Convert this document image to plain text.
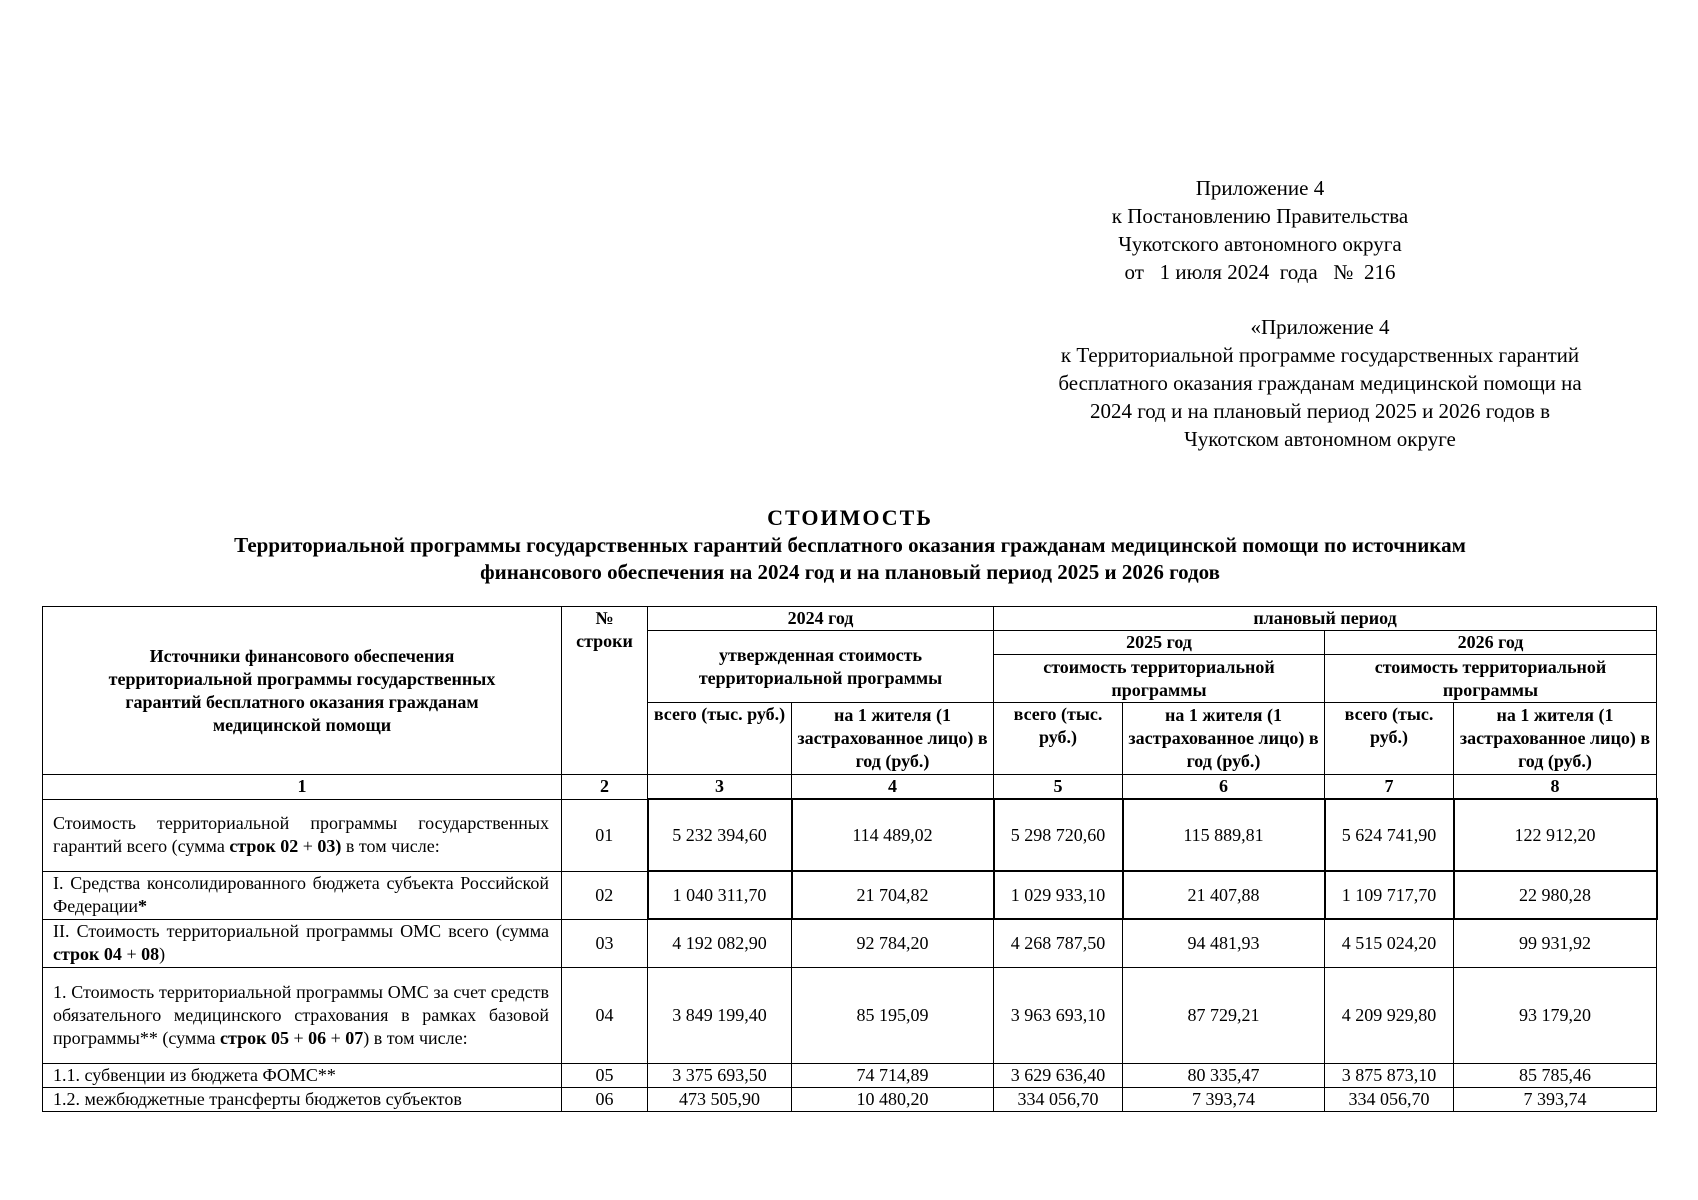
Приложение 4
к Постановлению Правительства
Чукотского автономного округа
от   1 июля 2024  года   №  216
«Приложение 4
к Территориальной программе государственных гарантий
бесплатного оказания гражданам медицинской помощи на
2024 год и на плановый период 2025 и 2026 годов в
Чукотском автономном округе
СТОИМОСТЬ
Территориальной программы государственных гарантий бесплатного оказания гражданам медицинской помощи по источникам
финансового обеспечения на 2024 год и на плановый период 2025 и 2026 годов
Источники финансового обеспечения территориальной программы государственных гарантий бесплатного оказания гражданам медицинской помощи	№ строки	2024 год		плановый период			
		утвержденная стоимость территориальной программы		2025 год		2026 год	
				стоимость территориальной программы		стоимость территориальной программы	
		всего (тыс. руб.)	на 1 жителя (1 застрахованное лицо) в год (руб.)	всего (тыс. руб.)	на 1 жителя (1 застрахованное лицо) в год (руб.)	всего (тыс. руб.)	на 1 жителя (1 застрахованное лицо) в год (руб.)
1	2	3	4	5	6	7	8
Стоимость территориальной программы государственных гарантий всего (сумма строк 02 + 03) в том числе:	01	5 232 394,60	114 489,02	5 298 720,60	115 889,81	5 624 741,90	122 912,20
I. Средства консолидированного бюджета субъекта Российской Федерации*	02	1 040 311,70	21 704,82	1 029 933,10	21 407,88	1 109 717,70	22 980,28
II. Стоимость территориальной программы ОМС всего (сумма строк 04 + 08)	03	4 192 082,90	92 784,20	4 268 787,50	94 481,93	4 515 024,20	99 931,92
1. Стоимость территориальной программы ОМС за счет средств обязательного медицинского страхования в рамках базовой программы** (сумма строк 05 + 06 + 07) в том числе:	04	3 849 199,40	85 195,09	3 963 693,10	87 729,21	4 209 929,80	93 179,20
1.1. субвенции из бюджета ФОМС**	05	3 375 693,50	74 714,89	3 629 636,40	80 335,47	3 875 873,10	85 785,46
1.2. межбюджетные трансферты бюджетов субъектов	06	473 505,90	10 480,20	334 056,70	7 393,74	334 056,70	7 393,74
